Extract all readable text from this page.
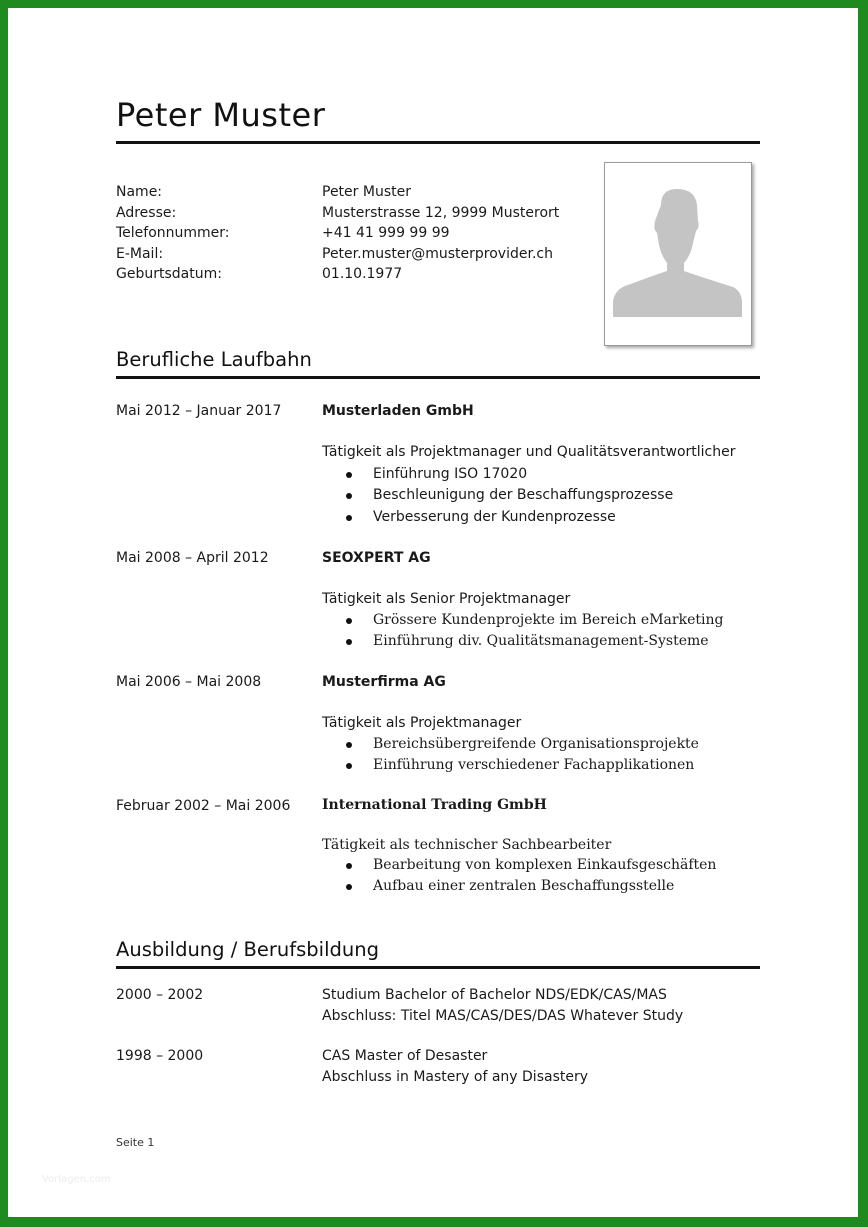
Peter Muster
Name:	Peter Muster
Adresse:	Musterstrasse 12, 9999 Musterort
Telefonnummer:	+41 41 999 99 99
E-Mail:	Peter.muster@musterprovider.ch
Geburtsdatum:	01.10.1977
Berufliche Laufbahn
Mai 2012 – Januar 2017	Musterladen GmbH
Tätigkeit als Projektmanager und Qualitätsverantwortlicher
Einführung ISO 17020
Beschleunigung der Beschaffungsprozesse
Verbesserung der Kundenprozesse
Mai 2008 – April 2012	SEOXPERT AG
Tätigkeit als Senior Projektmanager
Grössere Kundenprojekte im Bereich eMarketing
Einführung div. Qualitätsmanagement-Systeme
Mai 2006 – Mai 2008	Musterfirma AG
Tätigkeit als Projektmanager
Bereichsübergreifende Organisationsprojekte
Einführung verschiedener Fachapplikationen
Februar 2002 – Mai 2006 International Trading GmbH
Tätigkeit als technischer Sachbearbeiter
Bearbeitung von komplexen Einkaufsgeschäften
Aufbau einer zentralen Beschaffungsstelle
Ausbildung / Berufsbildung
2000 – 2002	Studium Bachelor of Bachelor NDS/EDK/CAS/MAS
Abschluss: Titel MAS/CAS/DES/DAS Whatever Study
1998 – 2000	CAS Master of Desaster
Abschluss in Mastery of any Disastery
Seite 1
Vorlagen.com
